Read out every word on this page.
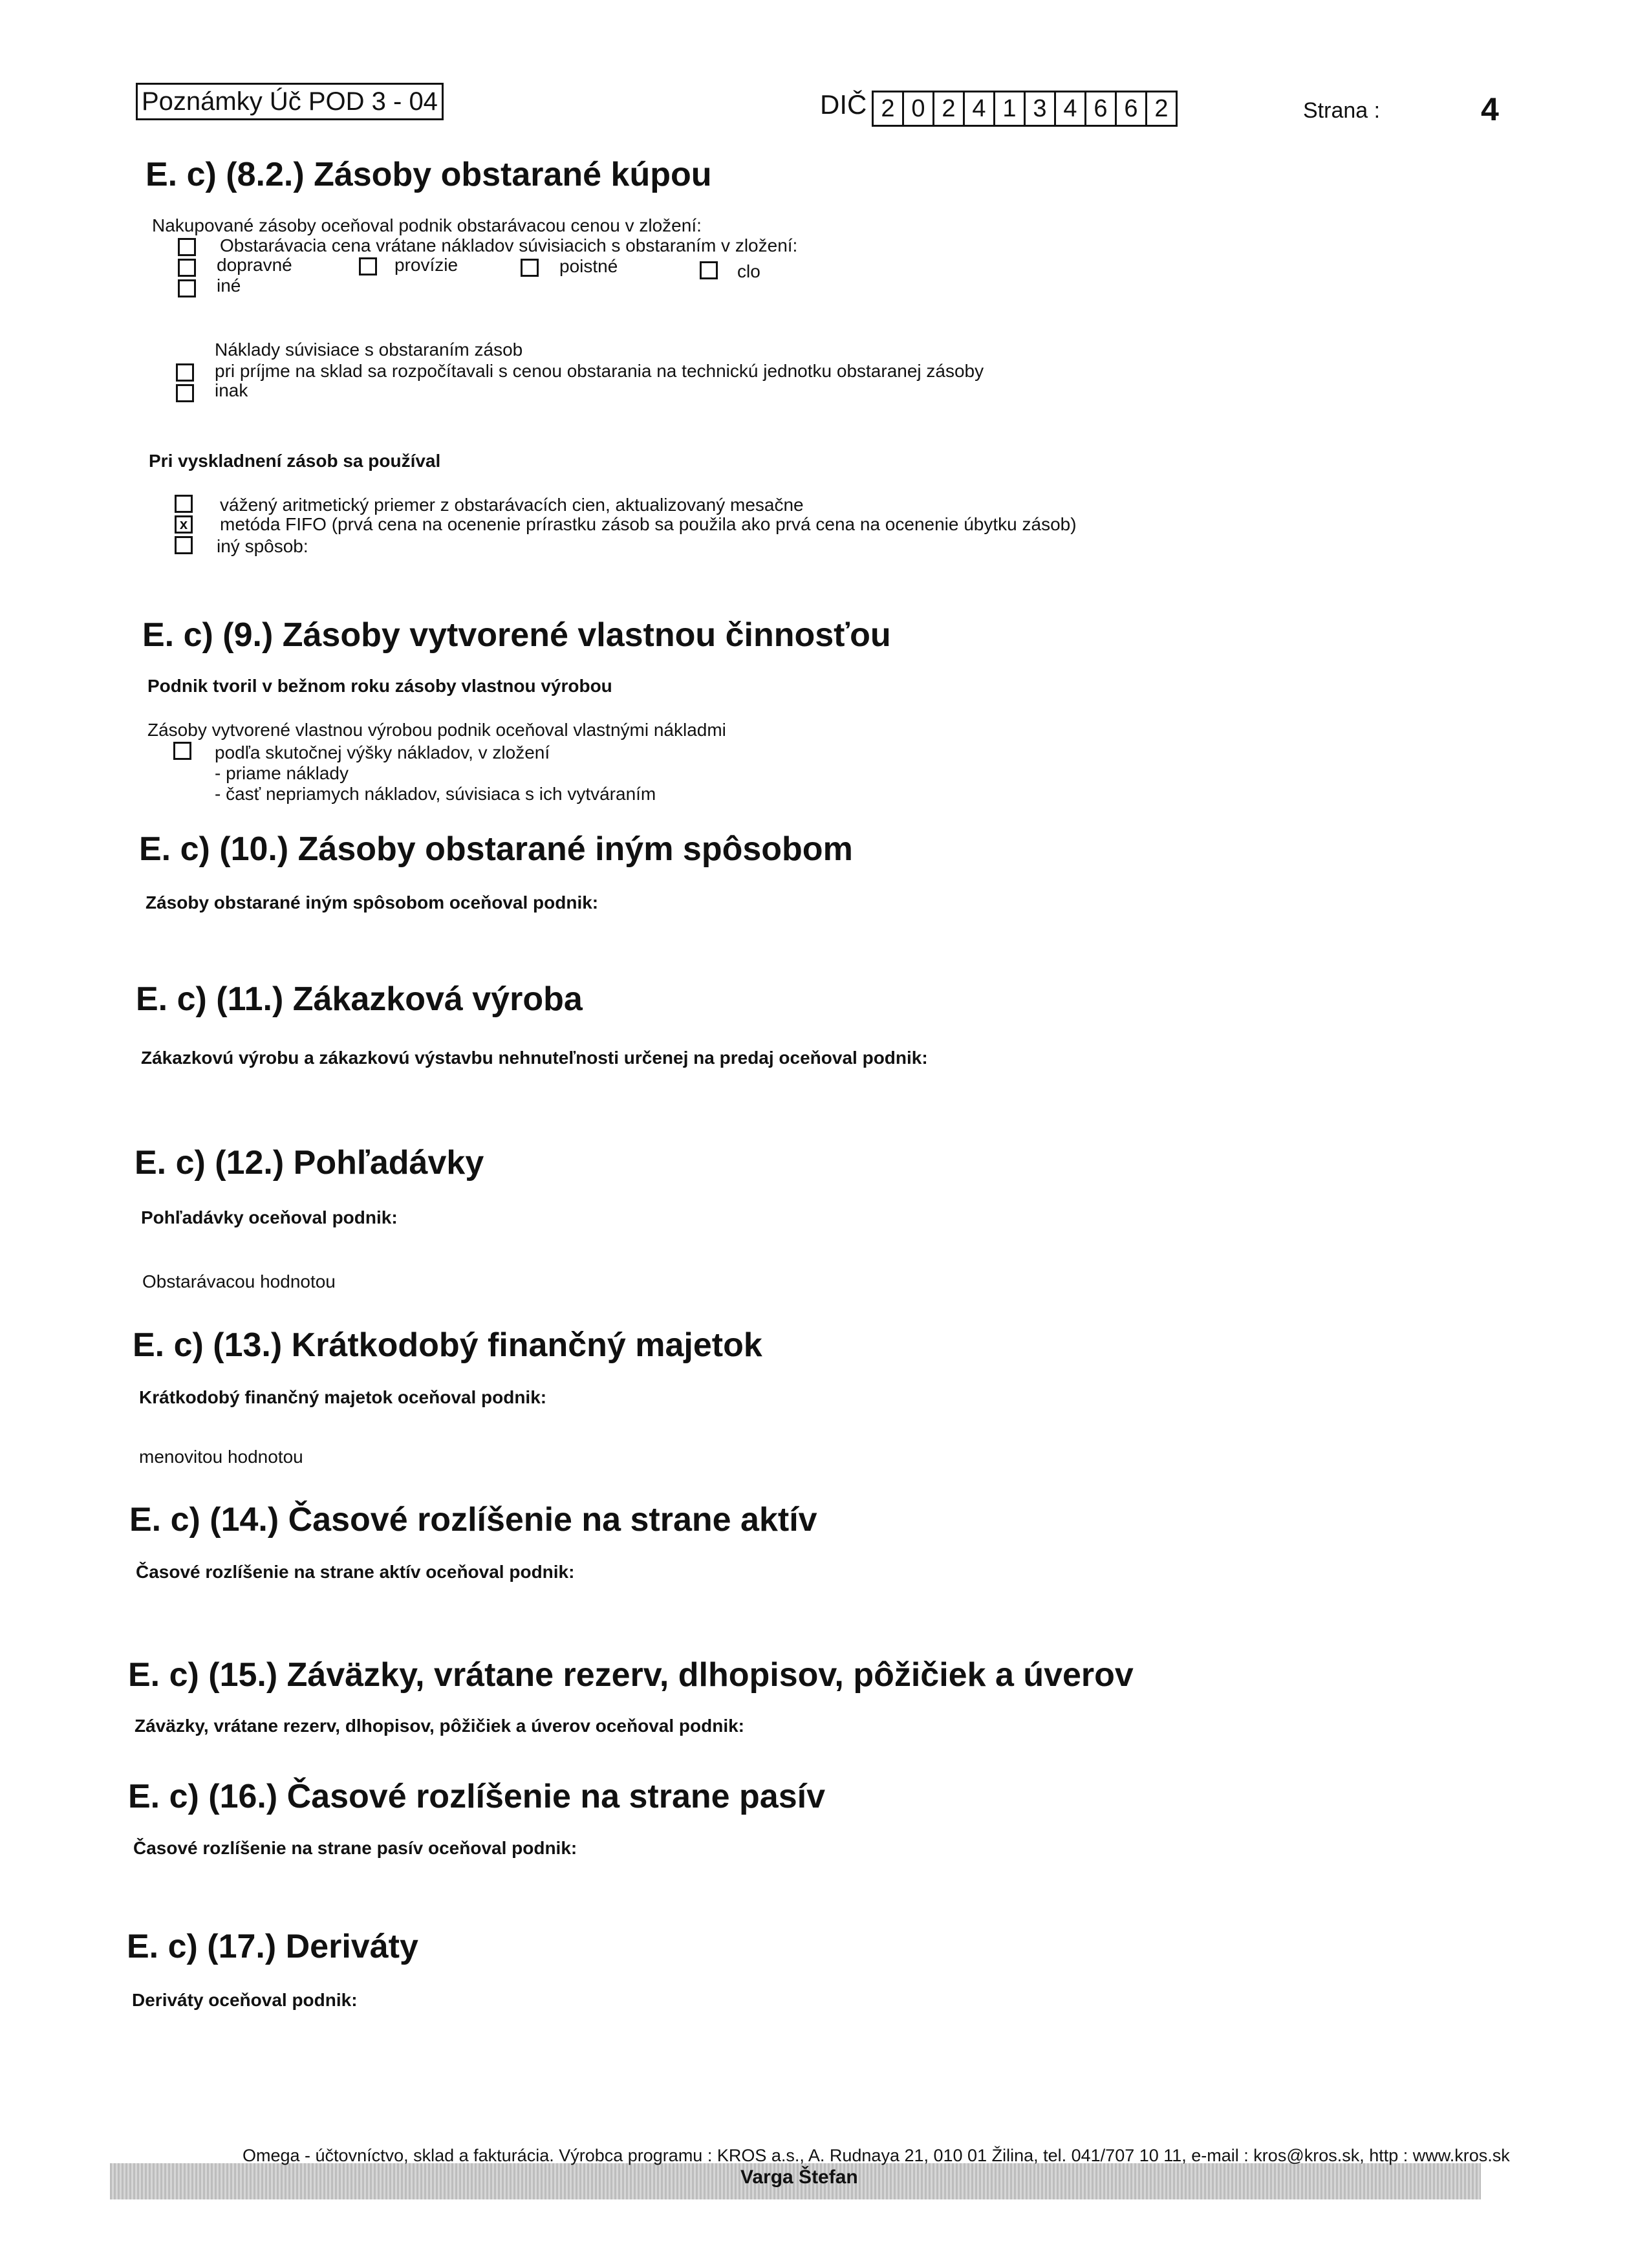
Poznámky Úč POD 3 - 04	DIČ 2 0 2 4 1 3 4 6 6 2	Strana :	4
E. c) (8.2.) Zásoby obstarané kúpou
Nakupované zásoby oceňoval podnik obstarávacou cenou v zložení:
Obstarávacia cena vrátane nákladov súvisiacich s obstaraním v zložení:
dopravné	provízie	poistné	clo
iné
Náklady súvisiace s obstaraním zásob
pri príjme na sklad sa rozpočítavali s cenou obstarania na technickú jednotku obstaranej zásoby
inak
Pri vyskladnení zásob sa používal
vážený aritmetický priemer z obstarávacích cien, aktualizovaný mesačne
x metóda FIFO (prvá cena na ocenenie prírastku zásob sa použila ako prvá cena na ocenenie úbytku zásob)
iný spôsob:
E. c) (9.) Zásoby vytvorené vlastnou činnosťou
Podnik tvoril v bežnom roku zásoby vlastnou výrobou
Zásoby vytvorené vlastnou výrobou podnik oceňoval vlastnými nákladmi
podľa skutočnej výšky nákladov, v zložení
- priame náklady
- časť nepriamych nákladov, súvisiaca s ich vytváraním
E. c) (10.) Zásoby obstarané iným spôsobom
Zásoby obstarané iným spôsobom oceňoval podnik:
E. c) (11.) Zákazková výroba
Zákazkovú výrobu a zákazkovú výstavbu nehnuteľnosti určenej na predaj oceňoval podnik:
E. c) (12.) Pohľadávky
Pohľadávky oceňoval podnik:
Obstarávacou hodnotou
E. c) (13.) Krátkodobý finančný majetok
Krátkodobý finančný majetok oceňoval podnik:
menovitou hodnotou
E. c) (14.) Časové rozlíšenie na strane aktív
Časové rozlíšenie na strane aktív oceňoval podnik:
E. c) (15.) Záväzky, vrátane rezerv, dlhopisov, pôžičiek a úverov
Záväzky, vrátane rezerv, dlhopisov, pôžičiek a úverov oceňoval podnik:
E. c) (16.) Časové rozlíšenie na strane pasív
Časové rozlíšenie na strane pasív oceňoval podnik:
E. c) (17.) Deriváty
Deriváty oceňoval podnik:
Omega - účtovníctvo, sklad a fakturácia. Výrobca programu : KROS a.s., A. Rudnaya 21, 010 01 Žilina, tel. 041/707 10 11, e-mail : kros@kros.sk, http : www.kros.sk
Varga Štefan
